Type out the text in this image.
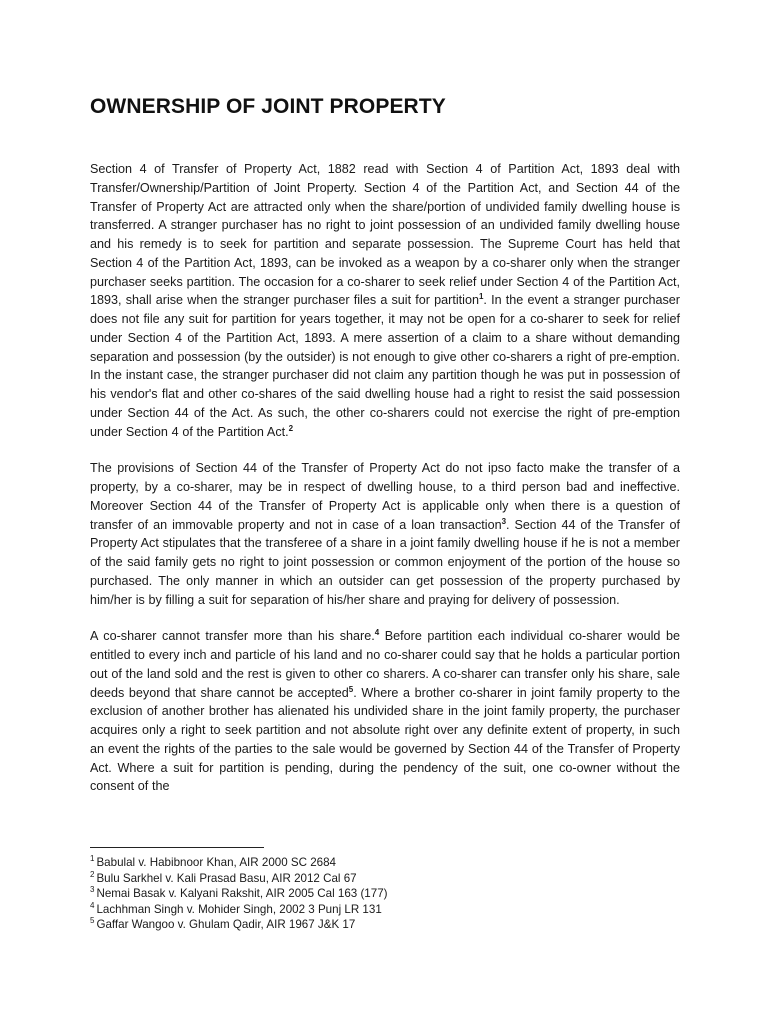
OWNERSHIP OF JOINT PROPERTY

Section 4 of Transfer of Property Act, 1882 read with Section 4 of Partition Act, 1893 deal with Transfer/Ownership/Partition of Joint Property. Section 4 of the Partition Act, and Section 44 of the Transfer of Property Act are attracted only when the share/portion of undivided family dwelling house is transferred. A stranger purchaser has no right to joint possession of an undivided family dwelling house and his remedy is to seek for partition and separate possession. The Supreme Court has held that Section 4 of the Partition Act, 1893, can be invoked as a weapon by a co-sharer only when the stranger purchaser seeks partition. The occasion for a co-sharer to seek relief under Section 4 of the Partition Act, 1893, shall arise when the stranger purchaser files a suit for partition$^1$. In the event a stranger purchaser does not file any suit for partition for years together, it may not be open for a co-sharer to seek for relief under Section 4 of the Partition Act, 1893. A mere assertion of a claim to a share without demanding separation and possession (by the outsider) is not enough to give other co-sharers a right of pre-emption. In the instant case, the stranger purchaser did not claim any partition though he was put in possession of his vendor's flat and other co-shares of the said dwelling house had a right to resist the said possession under Section 44 of the Act. As such, the other co-sharers could not exercise the right of pre-emption under Section 4 of the Partition Act.$^2$

The provisions of Section 44 of the Transfer of Property Act do not ipso facto make the transfer of a property, by a co-sharer, may be in respect of dwelling house, to a third person bad and ineffective. Moreover Section 44 of the Transfer of Property Act is applicable only when there is a question of transfer of an immovable property and not in case of a loan transaction$^3$. Section 44 of the Transfer of Property Act stipulates that the transferee of a share in a joint family dwelling house if he is not a member of the said family gets no right to joint possession or common enjoyment of the portion of the house so purchased. The only manner in which an outsider can get possession of the property purchased by him/her is by filling a suit for separation of his/her share and praying for delivery of possession.

A co-sharer cannot transfer more than his share.$^4$ Before partition each individual co-sharer would be entitled to every inch and particle of his land and no co-sharer could say that he holds a particular portion out of the land sold and the rest is given to other co sharers. A co-sharer can transfer only his share, sale deeds beyond that share cannot be accepted$^5$. Where a brother co-sharer in joint family property to the exclusion of another brother has alienated his undivided share in the joint family property, the purchaser acquires only a right to seek partition and not absolute right over any definite extent of property, in such an event the rights of the parties to the sale would be governed by Section 44 of the Transfer of Property Act. Where a suit for partition is pending, during the pendency of the suit, one co-owner without the consent of the

$^1$ Babulal v. Habibnoor Khan, AIR 2000 SC 2684
$^2$ Bulu Sarkhel v. Kali Prasad Basu, AIR 2012 Cal 67
$^3$ Nemai Basak v. Kalyani Rakshit, AIR 2005 Cal 163 (177)
$^4$ Lachhman Singh v. Mohider Singh, 2002 3 Punj LR 131
$^5$ Gaffar Wangoo v. Ghulam Qadir, AIR 1967 J&K 17
